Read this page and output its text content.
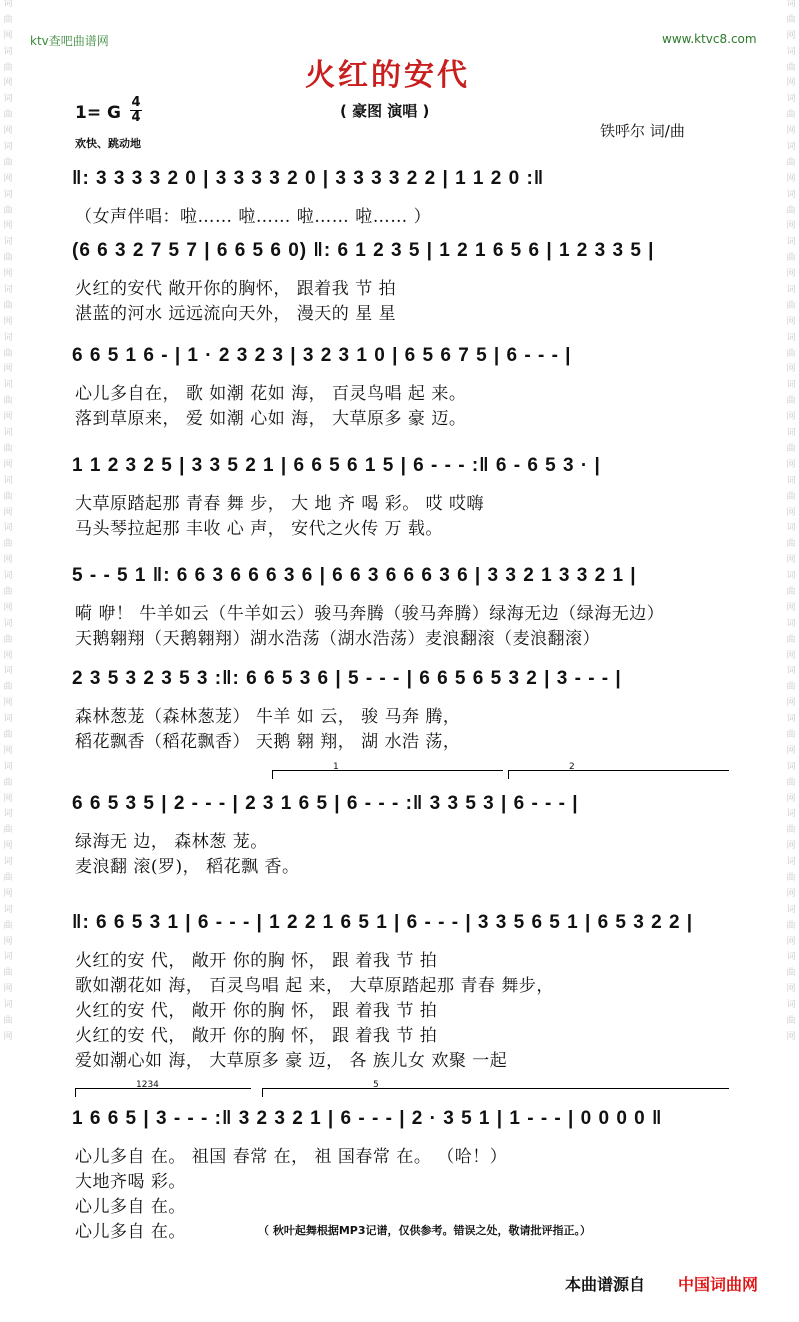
词
曲
网
词
曲
网
词
曲
网
词
曲
网
词
曲
网
词
曲
网
词
曲
网
词
曲
网
词
曲
网
词
曲
网
词
曲
网
词
曲
网
词
曲
网
词
曲
网
词
曲
网
词
曲
网
词
曲
网
词
曲
网
词
曲
网
词
曲
网
词
曲
网
词
曲
网
词
曲
网
词
曲
网
词
曲
网
词
曲
网
词
曲
网
词
曲
网
词
曲
网
词
曲
网
词
曲
网
词
曲
网
词
曲
网
词
曲
网
词
曲
网
词
曲
网
词
曲
网
词
曲
网
词
曲
网
词
曲
网
词
曲
网
词
曲
网
词
曲
网
词
曲
网
ktv查吧曲谱网	www.ktvc8.com
火红的安代
( 豪图 演唱 )
1= G
4
4
欢快、跳动地
铁呼尔 词/曲
‖: 3 3 3 3 2 0 | 3 3 3 3 2 0 | 3 3 3 3 2 2 | 1 1 2 0 :‖
（女声伴唱：啦…… 啦…… 啦…… 啦…… ）
(6 6 3 2 7 5 7 | 6 6 5 6 0) ‖: 6 1 2 3 5 | 1 2 1 6 5 6 | 1 2 3 3 5 |
火红的安代 敞开你的胸怀， 跟着我 节 拍
湛蓝的河水 远远流向天外， 漫天的 星 星
6 6 5 1 6 - | 1 · 2 3 2 3 | 3 2 3 1 0 | 6 5 6 7 5 | 6 - - - |
心儿多自在， 歌 如潮 花如 海， 百灵鸟唱 起 来。
落到草原来， 爱 如潮 心如 海， 大草原多 豪 迈。
1 1 2 3 2 5 | 3 3 5 2 1 | 6 6 5 6 1 5 | 6 - - - :‖ 6 - 6 5 3 · |
大草原踏起那 青春 舞 步， 大 地 齐 喝 彩。 哎 哎嗨
马头琴拉起那 丰收 心 声， 安代之火传 万 载。
5 - - 5 1 ‖: 6 6 3 6 6 6 3 6 | 6 6 3 6 6 6 3 6 | 3 3 2 1 3 3 2 1 |
嗬 咿！ 牛羊如云（牛羊如云）骏马奔腾（骏马奔腾）绿海无边（绿海无边）
天鹅翱翔（天鹅翱翔）湖水浩荡（湖水浩荡）麦浪翻滚（麦浪翻滚）
2 3 5 3 2 3 5 3 :‖: 6 6 5 3 6 | 5 - - - | 6 6 5 6 5 3 2 | 3 - - - |
森林葱茏（森林葱茏） 牛羊 如 云， 骏 马奔 腾，
稻花飘香（稻花飘香） 天鹅 翱 翔， 湖 水浩 荡，
6 6 5 3 5 | 2 - - - | 2 3 1 6 5 | 6 - - - :‖ 3 3 5 3 | 6 - - - |
绿海无 边， 森林葱 茏。
麦浪翻 滚(罗)， 稻花飘 香。
‖: 6 6 5 3 1 | 6 - - - | 1 2 2 1 6 5 1 | 6 - - - | 3 3 5 6 5 1 | 6 5 3 2 2 |
火红的安 代， 敞开 你的胸 怀， 跟 着我 节 拍
歌如潮花如 海， 百灵鸟唱 起 来， 大草原踏起那 青春 舞步，
火红的安 代， 敞开 你的胸 怀， 跟 着我 节 拍
火红的安 代， 敞开 你的胸 怀， 跟 着我 节 拍
爱如潮心如 海， 大草原多 豪 迈， 各 族儿女 欢聚 一起
1 6 6 5 | 3 - - - :‖ 3 2 3 2 1 | 6 - - - | 2 · 3 5 1 | 1 - - - | 0 0 0 0 ‖
心儿多自 在。 祖国 春常 在， 祖 国春常 在。 （哈！）
大地齐喝 彩。
心儿多自 在。
心儿多自 在。
1	2
1234	5
（ 秋叶起舞根据MP3记谱，仅供参考。错误之处，敬请批评指正。）
本曲谱源自 中国词曲网
